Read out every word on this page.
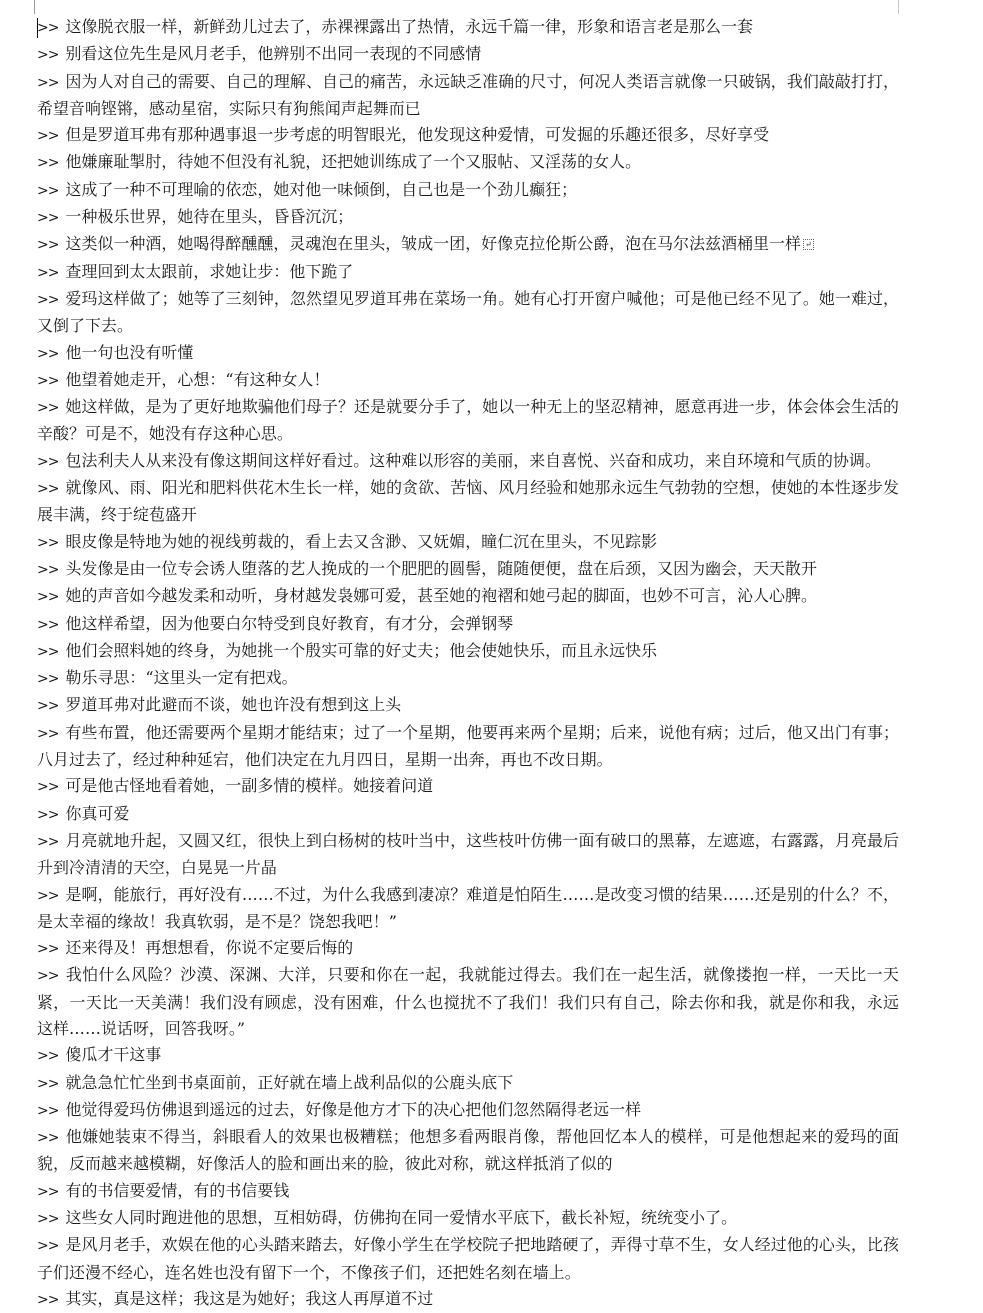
>> 这像脱衣服一样，新鲜劲儿过去了，赤裸裸露出了热情，永远千篇一律，形象和语言老是那么一套

>> 别看这位先生是风月老手，他辨别不出同一表现的不同感情

>> 因为人对自己的需要、自己的理解、自己的痛苦，永远缺乏准确的尺寸，何况人类语言就像一只破锅，我们敲敲打打，希望音响铿锵，感动星宿，实际只有狗熊闻声起舞而已

>> 但是罗道耳弗有那种遇事退一步考虑的明智眼光，他发现这种爱情，可发掘的乐趣还很多，尽好享受

>> 他嫌廉耻掣肘，待她不但没有礼貌，还把她训练成了一个又服帖、又淫荡的女人。

>> 这成了一种不可理喻的依恋，她对他一味倾倒，自己也是一个劲儿癫狂；

>> 一种极乐世界，她待在里头，昏昏沉沉；

>> 这类似一种酒，她喝得醉醺醺，灵魂泡在里头，皱成一团，好像克拉伦斯公爵，泡在马尔法兹酒桶里一样 ↵

>> 查理回到太太跟前，求她让步：他下跪了

>> 爱玛这样做了；她等了三刻钟，忽然望见罗道耳弗在菜场一角。她有心打开窗户喊他；可是他已经不见了。她一难过，又倒了下去。

>> 他一句也没有听懂

>> 他望着她走开，心想：“有这种女人！

>> 她这样做，是为了更好地欺骗他们母子？还是就要分手了，她以一种无上的坚忍精神，愿意再进一步，体会体会生活的辛酸？可是不，她没有存这种心思。

>> 包法利夫人从来没有像这期间这样好看过。这种难以形容的美丽，来自喜悦、兴奋和成功，来自环境和气质的协调。

>> 就像风、雨、阳光和肥料供花木生长一样，她的贪欲、苦恼、风月经验和她那永远生气勃勃的空想，使她的本性逐步发展丰满，终于绽苞盛开

>> 眼皮像是特地为她的视线剪裁的，看上去又含渺、又妩媚，瞳仁沉在里头，不见踪影

>> 头发像是由一位专会诱人堕落的艺人挽成的一个肥肥的圆髻，随随便便，盘在后颈，又因为幽会，天天散开

>> 她的声音如今越发柔和动听，身材越发袅娜可爱，甚至她的袍褶和她弓起的脚面，也妙不可言，沁人心脾。

>> 他这样希望，因为他要白尔特受到良好教育，有才分，会弹钢琴

>> 他们会照料她的终身，为她挑一个殷实可靠的好丈夫；他会使她快乐，而且永远快乐

>> 勒乐寻思：“这里头一定有把戏。

>> 罗道耳弗对此避而不谈，她也许没有想到这上头

>> 有些布置，他还需要两个星期才能结束；过了一个星期，他要再来两个星期；后来，说他有病；过后，他又出门有事；八月过去了，经过种种延宕，他们决定在九月四日，星期一出奔，再也不改日期。

>> 可是他古怪地看着她，一副多情的模样。她接着问道

>> 你真可爱

>> 月亮就地升起，又圆又红，很快上到白杨树的枝叶当中，这些枝叶仿佛一面有破口的黑幕，左遮遮，右露露，月亮最后升到冷清清的天空，白晃晃一片晶

>> 是啊，能旅行，再好没有……不过，为什么我感到凄凉？难道是怕陌生……是改变习惯的结果……还是别的什么？不，是太幸福的缘故！我真软弱，是不是？饶恕我吧！”

>> 还来得及！再想想看，你说不定要后悔的

>> 我怕什么风险？沙漠、深渊、大洋，只要和你在一起，我就能过得去。我们在一起生活，就像搂抱一样，一天比一天紧，一天比一天美满！我们没有顾虑，没有困难，什么也搅扰不了我们！我们只有自己，除去你和我，就是你和我，永远这样……说话呀，回答我呀。”

>> 傻瓜才干这事

>> 就急急忙忙坐到书桌面前，正好就在墙上战利品似的公鹿头底下

>> 他觉得爱玛仿佛退到遥远的过去，好像是他方才下的决心把他们忽然隔得老远一样

>> 他嫌她装束不得当，斜眼看人的效果也极糟糕；他想多看两眼肖像，帮他回忆本人的模样，可是他想起来的爱玛的面貌，反而越来越模糊，好像活人的脸和画出来的脸，彼此对称，就这样抵消了似的

>> 有的书信要爱情，有的书信要钱

>> 这些女人同时跑进他的思想，互相妨碍，仿佛拘在同一爱情水平底下，截长补短，统统变小了。

>> 是风月老手，欢娱在他的心头踏来踏去，好像小学生在学校院子把地踏硬了，弄得寸草不生，女人经过他的心头，比孩子们还漫不经心，连名姓也没有留下一个，不像孩子们，还把姓名刻在墙上。

>> 其实，真是这样；我这是为她好；我这人再厚道不过
